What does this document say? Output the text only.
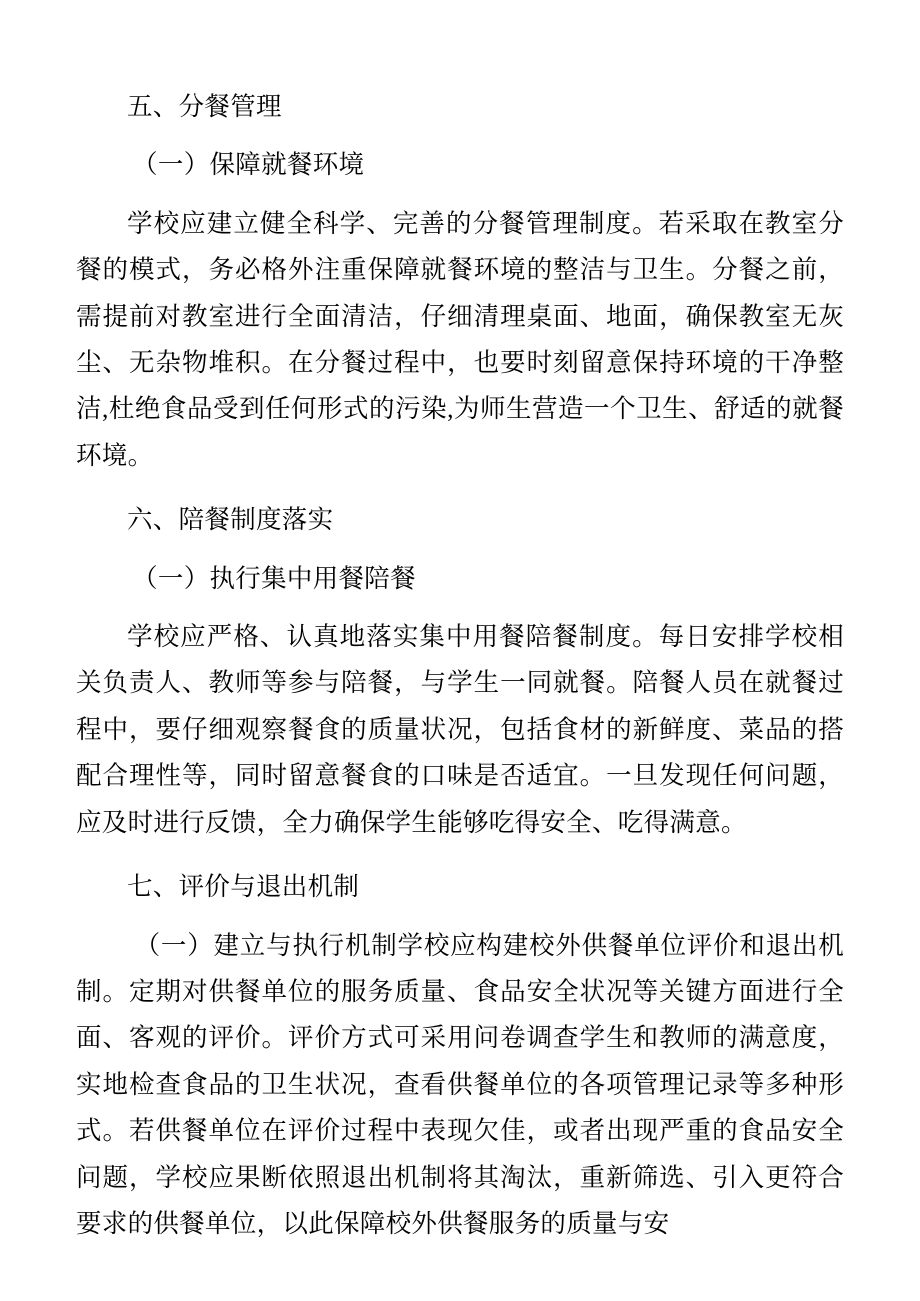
五、分餐管理

（一）保障就餐环境

学校应建立健全科学、完善的分餐管理制度。若采取在教室分餐的模式，务必格外注重保障就餐环境的整洁与卫生。分餐之前，需提前对教室进行全面清洁，仔细清理桌面、地面，确保教室无灰尘、无杂物堆积。在分餐过程中，也要时刻留意保持环境的干净整洁,杜绝食品受到任何形式的污染,为师生营造一个卫生、舒适的就餐环境。

六、陪餐制度落实

（一）执行集中用餐陪餐

学校应严格、认真地落实集中用餐陪餐制度。每日安排学校相关负责人、教师等参与陪餐，与学生一同就餐。陪餐人员在就餐过程中，要仔细观察餐食的质量状况，包括食材的新鲜度、菜品的搭配合理性等，同时留意餐食的口味是否适宜。一旦发现任何问题，应及时进行反馈，全力确保学生能够吃得安全、吃得满意。

七、评价与退出机制

（一）建立与执行机制学校应构建校外供餐单位评价和退出机制。定期对供餐单位的服务质量、食品安全状况等关键方面进行全面、客观的评价。评价方式可采用问卷调查学生和教师的满意度，实地检查食品的卫生状况，查看供餐单位的各项管理记录等多种形式。若供餐单位在评价过程中表现欠佳，或者出现严重的食品安全问题，学校应果断依照退出机制将其淘汰，重新筛选、引入更符合要求的供餐单位，以此保障校外供餐服务的质量与安
